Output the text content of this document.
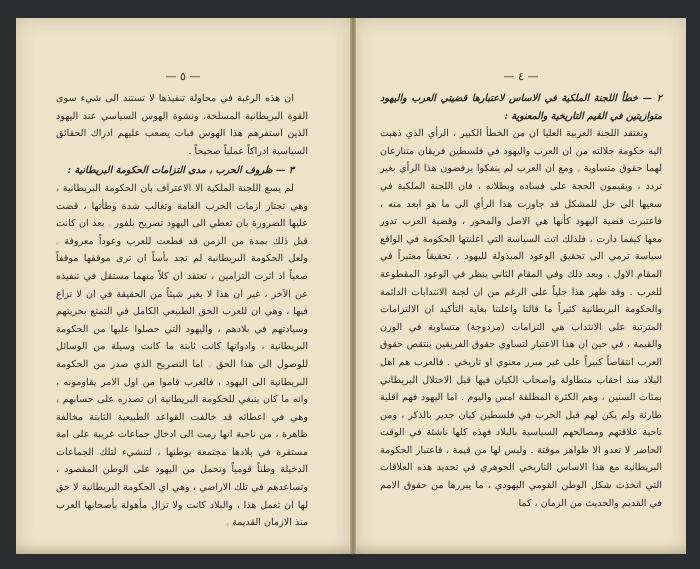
— ٥ —

ان هذه الرغبة في محاولة تنفيذها لا تستند الى شيء سوى القوة البريطانية المسلحة، ونشوة الهوس السياسي عند اليهود الذين استفرهم هذا الهوس فبات يصعب عليهم ادراك الحقائق السياسية ادراكاً عملياً صحيحاً .

٣ — ظروف الحرب ، مدى التزامات الحكومة البريطانية :

لم يسع اللجنة الملكية الا الاعتراف بان الحكومة البريطانية ، وهي تجتاز ازمات الحرب العامة وتغالب شدة وطأتها ، قضت عليها الضرورة بان تعطي الى اليهود تصريح بلفور . بعد ان كانت قبل ذلك بمدة من الزمن قد قطعت للعرب وعوداً معروفة . ولعل الحكومة البريطانية لم تجد بأساً ان ترى موقفها موقفاً صعباً اذ اثرت التزامين ، تعتقد ان كلاً منهما مستقل في تنفيذه عن الآخر ، غير ان هذا لا يغير شيئاً من الحقيقة في ان لا نزاع فيها ، وهي ان للعرب الحق الطبيعي الكامل في التمتع بحريتهم وسيادتهم في بلادهم ، واليهود التي حصلوا عليها من الحكومة البريطانية ، وادواتها كانت ثابتة ما كانت وسيلة من الوسائل للوصول الى هذا الحق . اما التصريح الذي صدر من الحكومة البريطانية الى اليهود ، فالعرب قاموا من اول الامر يقاومونه ، وانه ما كان ينبغي للحكومة البريطانية ان تصدره على حسابهم ، وهي في اعطائه قد خالفت القواعد الطبيعية الثابتة مخالفة ظاهرة ، من ناحية انها رمت الى ادخال جماعات غريبة على امة مستقرة في بلادها مجتمعة بوطنها ، لتنشيء لتلك الجماعات الدخيلة وطناً قومياً وتحمل من اليهود على الوطن المقصود ، وتساعدهم في تلك الاراضي ، وهي اي الحكومة البريطانية لا حق لها ان تعمل هذا ، والبلاد كانت ولا تزال مأهولة بأصحابها العرب منذ الازمان القديمة .

— ٤ —

٢ — خطأ اللجنة الملكية في الاساس لاعتبارها قضيتي العرب واليهود متوازيتين في القيم التاريخية والمعنوية :

وتعتقد اللجنة العربية العليا ان من الخطأ الكبير ، الرأي الذي ذهبت اليه حكومة جلالته من ان العرب واليهود في فلسطين فريقان متنازعان لهما حقوق متساوية . ومع ان العرب لم ينفكوا يرفضون هذا الرأي بغير تردد ، ويقيمون الحجة على فساده وبطلانه ، فان اللجنة الملكية في سعيها الى حل للمشكل قد جاوزت هذا الرأي الى ما هو ابعد منه ، فاعتبرت قضية اليهود كأنها هي الاصل والمحور ، وقضية العرب تدور معها كيفما دارت ، فلذلك اتت السياسة التي اعلنتها الحكومة في الواقع سياسة ترمي الى تحقيق الوعود المبذولة لليهود ، تحقيقاً معتبراً في المقام الاول ، وبعد ذلك وفي المقام الثاني ينظر في الوعود المقطوعة للعرب . وقد ظهر هذا جلياً على الرغم من ان لجنة الانتدابات الدائمة والحكومة البريطانية كثيراً ما قالتا واعلنتا بغاية التأكيد ان الالتزامات المترتبة على الانتداب هي التزامات (مزدوجة) متساوية في الوزن والقيمة ، في حين ان هذا الاعتبار لتساوي حقوق الفريقين ينتقص حقوق العرب انتقاصاً كبيراً على غير مبرر معنوي او تاريخي . فالعرب هم اهل البلاد منذ احقاب متطاولة واصحاب الكيان فيها قبل الاحتلال البريطاني بمئات السنين ، وهم الكثرة المطلقة امس واليوم . اما اليهود فهم اقلية طارئة ولم يكن لهم قبل الحرب في فلسطين كيان جدير بالذكر ، ومن ناحية علاقتهم ومصالحهم السياسية بالبلاد فهذه كلها ناشئة في الوقت الحاضر لا تعدو الا ظواهر موقتة . وليس لها من قيمة ، فاعتبار الحكومة البريطانية مع هذا الاساس التاريخي الجوهري في تحديد هذه العلاقات التي اتخذت شكل الوطن القومي اليهودي ، ما يبررها من حقوق الامم في القديم والحديث من الزمان ، كما
